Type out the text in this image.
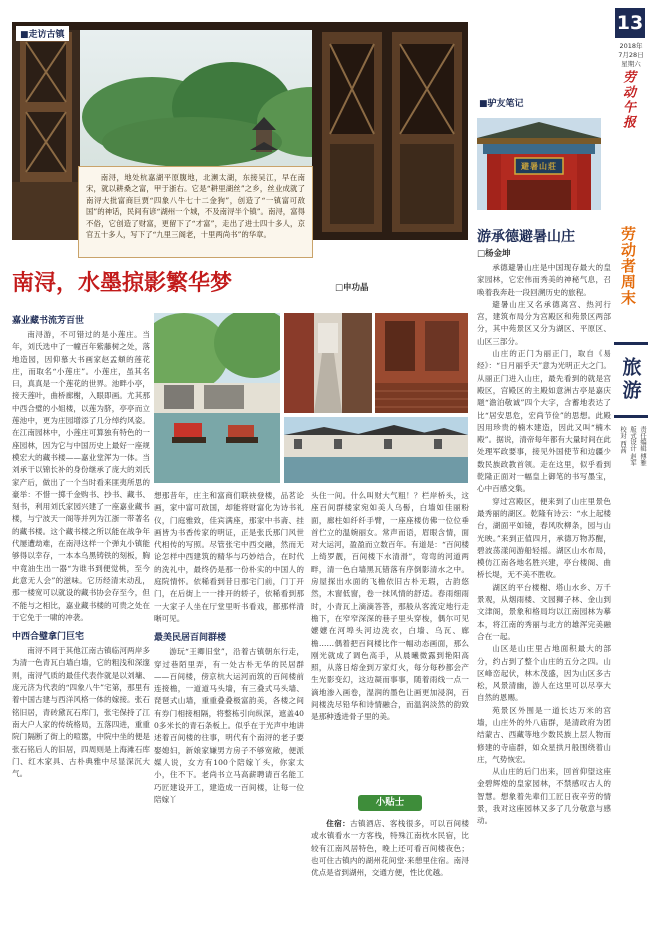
■走访古镇

南浔，地处杭嘉湖平原腹地，北濒太湖，东接吴江，早在南宋，就以耕桑之富，甲于浙右。它是“耕里湖丝”之乡，丝业成就了南浔大批富商巨贾“四象八牛七十二金狗”，创造了“一镇富可敌国”的神话，民间有谚“湖州一个城，不及南浔半个镇”。南浔，富得不俗，它创造了财富，更留下了“才富”，走出了进士四十多人，京官五十多人，写下了“九里三阁老，十里两尚书”的华章。

南浔，水墨掠影繁华梦	□申功晶
嘉业藏书流芳百世

南浔游，不可错过的是小莲庄。当年，刘氏选中了一幢百年紫藤树之处，落地造园，因仰慕大书画家赵孟頫的莲花庄，而取名“小莲庄”。小莲庄，虽其名曰，真真是一个莲花的世界。池畔小亭，接天莲叶，曲桥廊榭，入眼即画。尤其那中西合璧的小姐楼，以莲为脐，亭亭而立莲池中，更为庄园增添了几分绰约风姿。在江南园林中，小莲庄可算独有特色的一座园林，因为它与中国历史上最好一座规模宏大的藏书楼——嘉业堂浑为一体。当刘承干以锦长补的身份继承了庞大的刘氏家产后，做出了一个当时看来匪夷所思的豪举：不惜一掷千金购书、抄书、藏书、刻书，利用刘氏家园兴建了一座嘉业藏书楼，与宁波天一阁等并列为江浙一带著名的藏书楼。这个藏书楼之所以能在战争年代屡遭劫难，在南浔这样一个弹丸小镇能够得以幸存，一本本乌黑铸铁的刻板，胸中竟油生出一器“为谁书到便觉桃，至今此意无人会”的滋味。它历经清末动乱，那一楼宽可以就设的藏书协会存至今，但不能与之相比，嘉业藏书楼的可贵之处在于它免于一啸的冲袭。

中西合璧拿门巨宅

南浔不同于其他江南古镇临河两岸多为清一色青瓦白墙白墙，它的粗浅和深邃则，南浔气质的最佳代表作就是以刘墉、庞元济为代表的“四象八牛”宅第，那里有着中国古建与西洋风格一体的嫁接。张石铭旧居，青砖黛瓦石库门，张宅保持了江南大户人家的传统格局，五落四进，重重院门隔断了街上的喧嚣，中院中坐的便是张石铭后人的旧居，四周则是上海滩石库门、红木家具、古朴典雅中尽显深沉大气。

想那昔年，庄主和富商们联袂登楼，品茗论画，家中富可敌国，却能将财富化为诗书礼仪，门庭雅致，佳宾满座，那家中书斋、挂画皆为书香传家的明证，正是张氏那门风世代相传的写照。尽管张宅中西交融，然而无论怎样中西建筑的精华与巧妙结合，在时代的洗礼中，最终仍是那一份朴实的中国人的庭院情怀。依稀看到昔日那宅门前，门丁开门，在后街上一一排开的轿子，依稀看到那一大家子人坐在厅堂里听书看戏，都那样清晰可见。

最美民居百间群楼

游玩“王卿旧堂”，沿着古镇朝东行走，穿过巷陌里弄，有一处古朴无华的民居群——百间楼，傍京杭大运河而筑的百间楼前连接檐，一道道马头墙，有三叠式马头墙、琵琶式山墙，重重叠叠极富韵美，各楼之间有券门相接相隔，将整栋引向纵深，遮盖400多米长的青石条板上。似乎在于光声中地讲述着百间楼的往事，明代有个南浔的老子要娶媳妇，新娘家嫌男方房子不够宽敞，便派媒人说，女方有100个陪嫁丫头，你家太小，住不下。老尚书立马高薪聘请百名能工巧匠建设开工，建造成一百间楼，让每一位陪嫁丫

头住一间。什么叫财大气粗！？栏岸桥头，这座百间群楼家宛如美人乌髻，白墙如佳丽粉面，廊柱如纤纤手臂，一座座楼仿佛一位位垂首伫立的温婉丽女。常声而语，眉眼含情，面对大运河，盈盈而立数百年。有道是：“百间楼上绮罗靓，百间楼下水清滑”，弯弯的河道两畔，清一色白墙黑瓦错落有序倒影清水之中。房屋探出水面的飞檐依旧古朴无瑕，古韵悠然，木窗低窗，卷一抹风情的舒适。春雨细雨时，小青瓦上滴滴答答，那般从客流定地行走檐下，在窄窄深深的巷子里头穿梭，偶尔可见嬷嬷在河埠头河边洗衣，白墙、乌瓦、廊檐……偶着把百间楼比作一幅动态画面，那么刚光就成了调色高手，从晨曦微露到艳阳高照，从落日熔金到万家灯火，每分每秒都会产生光影变幻，这边凝而事事，随着雨线一点一滴地渗入画卷，湿润的墨色让画更加浸润，百间楼洗尽铅华和诗情融合，而温润淡然的韵致是那种透进骨子里的美。

小贴士

住宿：古镇酒店、客栈很多，可以百间楼或水镇看水一方客栈，特殊江南枕水民宿，比较有江南风居特色，晚上还可看百间楼夜色；也可住古镇内的湖州花间堂·来憩里住宿。南浔优点是省到湖州，交通方便，性比优越。

■驴友笔记
避暑山莊
游承德避暑山庄
□杨金坤

承德避暑山庄是中国现存最大的皇家园林，它宏伟而秀美的神秘气息，召唤着我奔赴一段回溯历史的旅程。

避暑山庄又名承德离宫、热河行宫，建筑布局分为宫殿区和苑景区两部分，其中苑景区又分为湖区、平原区、山区三部分。

山庄的正门为丽正门，取自《易经》：“日月丽乎天”意为光明正大之门。从丽正门进入山庄，最先看到的就是宫殿区，宫殿区的主殿如意洲古亭是嘉庆题“澹泊敬诚”四个大字，含蓄地表达了比“居安思危，宏尚节俭”的思想。此殿因用珍贵的楠木建造，因此又叫“楠木殿”。据说，清帝每年都有大量时间在此处理军政要事，接见外国使节和边疆少数民族政教首领。走在这里，似乎看到乾隆正面对一幅皇上御笔的书写墨宝，心中百感交集。

穿过宫殿区，便来到了山庄里景色最秀丽的湖区。乾隆有诗云：“水上起楼台，湖面平如镜，春风吹柳条，园与山光映。”来到正值四月，承德万物苏醒，碧波荡漾间游船轻摇。湖区山水布局，模仿江南各地名胜兴建，亭台楼阁、曲桥长堤，无不美不胜收。

湖区的平台楼榭、塔山水乡、万千景观，从烟雨楼、文园狮子林、金山到文津阁，景象和格局均以江南园林为摹本，将江南的秀丽与北方的雄浑完美融合在一起。

山区是山庄里占地面积最大的部分，约占到了整个山庄的五分之四。山区峰峦起伏，林木茂盛，因为山区多古松，风景清幽，游人在这里可以尽享大自然的恩赐。

苑景区外围是一道长达万米的宫墙，山庄外的外八庙群，是清政府为团结蒙古、西藏等地少数民族上层人物而修建的寺庙群，如众星拱月般围绕着山庄，气势恢宏。

从山庄的后门出来，回首仰望这座金碧辉煌的皇家园林，不禁感叹古人的智慧。想象着先辈们工匠日夜辛劳的情景，我对这座园林又多了几分敬意与感动。

13
2018年
7月28日
星期六
劳动午报
劳动者周末
旅游
责任编辑 傅雅
版式设计 赵军
校对 西茜
